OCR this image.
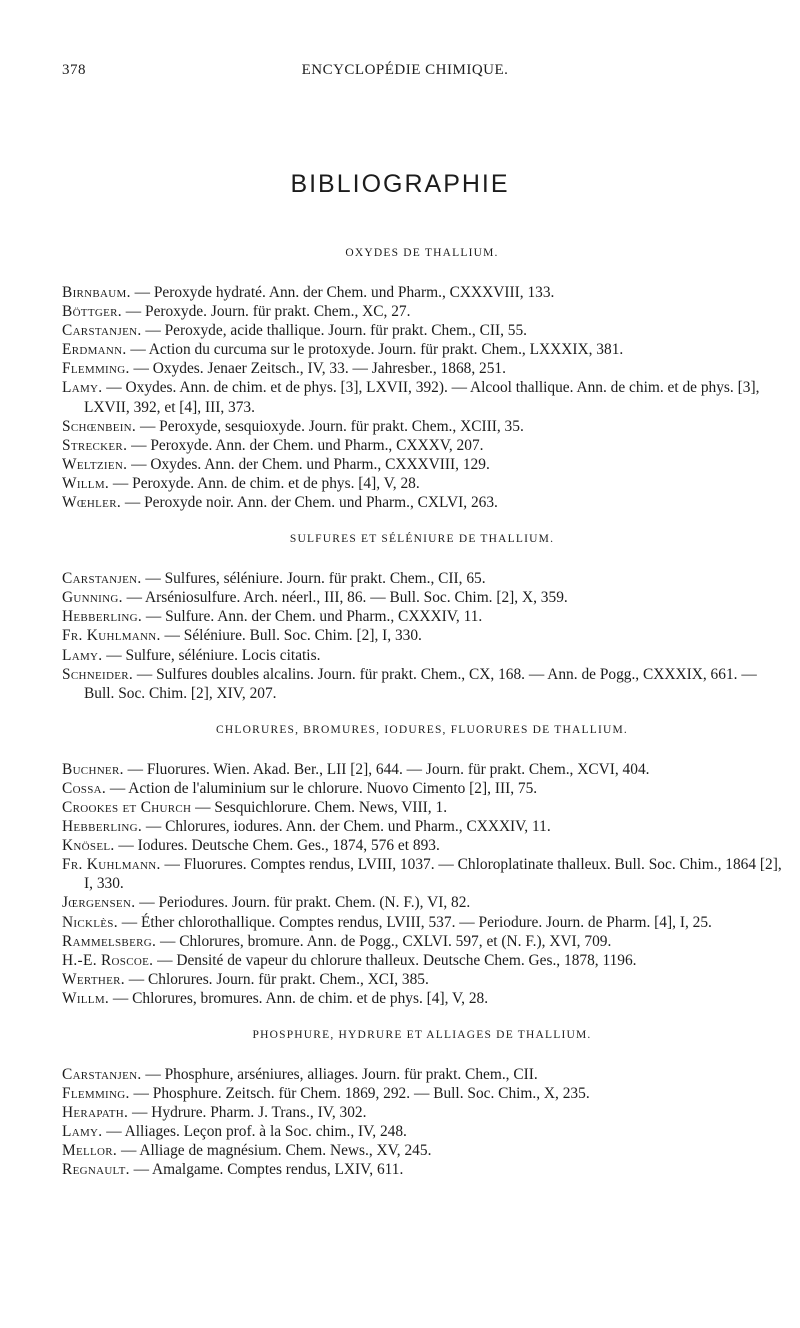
378	ENCYCLOPÉDIE CHIMIQUE.
BIBLIOGRAPHIE
OXYDES DE THALLIUM.
Birnbaum. — Peroxyde hydraté. Ann. der Chem. und Pharm., CXXXVIII, 133.
Böttger. — Peroxyde. Journ. für prakt. Chem., XC, 27.
Carstanjen. — Peroxyde, acide thallique. Journ. für prakt. Chem., CII, 55.
Erdmann. — Action du curcuma sur le protoxyde. Journ. für prakt. Chem., LXXXIX, 381.
Flemming. — Oxydes. Jenaer Zeitsch., IV, 33. — Jahresber., 1868, 251.
Lamy. — Oxydes. Ann. de chim. et de phys. [3], LXVII, 392). — Alcool thallique. Ann. de chim. et de phys. [3], LXVII, 392, et [4], III, 373.
Schœnbein. — Peroxyde, sesquioxyde. Journ. für prakt. Chem., XCIII, 35.
Strecker. — Peroxyde. Ann. der Chem. und Pharm., CXXXV, 207.
Weltzien. — Oxydes. Ann. der Chem. und Pharm., CXXXVIII, 129.
Willm. — Peroxyde. Ann. de chim. et de phys. [4], V, 28.
Wœhler. — Peroxyde noir. Ann. der Chem. und Pharm., CXLVI, 263.
SULFURES ET SÉLÉNIURE DE THALLIUM.
Carstanjen. — Sulfures, séléniure. Journ. für prakt. Chem., CII, 65.
Gunning. — Arséniosulfure. Arch. néerl., III, 86. — Bull. Soc. Chim. [2], X, 359.
Hebberling. — Sulfure. Ann. der Chem. und Pharm., CXXXIV, 11.
Fr. Kuhlmann. — Séléniure. Bull. Soc. Chim. [2], I, 330.
Lamy. — Sulfure, séléniure. Locis citatis.
Schneider. — Sulfures doubles alcalins. Journ. für prakt. Chem., CX, 168. — Ann. de Pogg., CXXXIX, 661. — Bull. Soc. Chim. [2], XIV, 207.
CHLORURES, BROMURES, IODURES, FLUORURES DE THALLIUM.
Buchner. — Fluorures. Wien. Akad. Ber., LII [2], 644. — Journ. für prakt. Chem., XCVI, 404.
Cossa. — Action de l'aluminium sur le chlorure. Nuovo Cimento [2], III, 75.
Crookes et Church — Sesquichlorure. Chem. News, VIII, 1.
Hebberling. — Chlorures, iodures. Ann. der Chem. und Pharm., CXXXIV, 11.
Knösel. — Iodures. Deutsche Chem. Ges., 1874, 576 et 893.
Fr. Kuhlmann. — Fluorures. Comptes rendus, LVIII, 1037. — Chloroplatinate thalleux. Bull. Soc. Chim., 1864 [2], I, 330.
Jœrgensen. — Periodures. Journ. für prakt. Chem. (N. F.), VI, 82.
Nicklès. — Éther chlorothallique. Comptes rendus, LVIII, 537. — Periodure. Journ. de Pharm. [4], I, 25.
Rammelsberg. — Chlorures, bromure. Ann. de Pogg., CXLVI. 597, et (N. F.), XVI, 709.
H.-E. Roscoe. — Densité de vapeur du chlorure thalleux. Deutsche Chem. Ges., 1878, 1196.
Werther. — Chlorures. Journ. für prakt. Chem., XCI, 385.
Willm. — Chlorures, bromures. Ann. de chim. et de phys. [4], V, 28.
PHOSPHURE, HYDRURE ET ALLIAGES DE THALLIUM.
Carstanjen. — Phosphure, arséniures, alliages. Journ. für prakt. Chem., CII.
Flemming. — Phosphure. Zeitsch. für Chem. 1869, 292. — Bull. Soc. Chim., X, 235.
Herapath. — Hydrure. Pharm. J. Trans., IV, 302.
Lamy. — Alliages. Leçon prof. à la Soc. chim., IV, 248.
Mellor. — Alliage de magnésium. Chem. News., XV, 245.
Regnault. — Amalgame. Comptes rendus, LXIV, 611.
